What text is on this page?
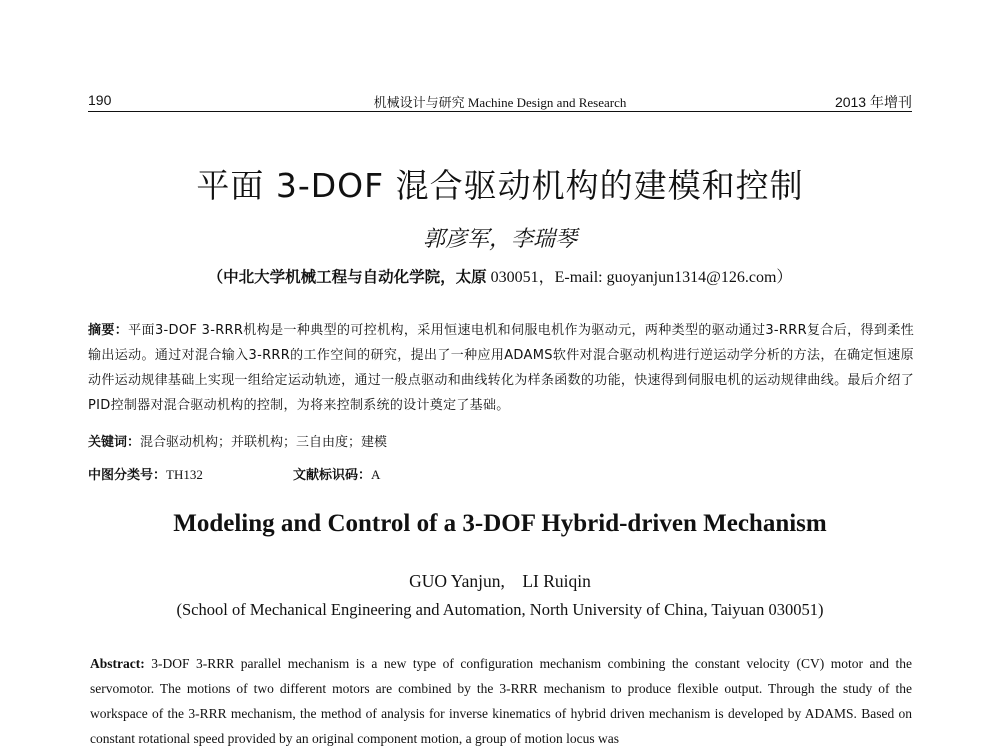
190	机械设计与研究 Machine Design and Research	2013 年增刊
平面 3-DOF 混合驱动机构的建模和控制
郭彦军，李瑞琴
（中北大学机械工程与自动化学院，太原 030051，E-mail: guoyanjun1314@126.com）
摘要：平面3-DOF 3-RRR机构是一种典型的可控机构，采用恒速电机和伺服电机作为驱动元，两种类型的驱动通过3-RRR复合后，得到柔性输出运动。通过对混合输入3-RRR的工作空间的研究，提出了一种应用ADAMS软件对混合驱动机构进行逆运动学分析的方法，在确定恒速原动件运动规律基础上实现一组给定运动轨迹，通过一般点驱动和曲线转化为样条函数的功能，快速得到伺服电机的运动规律曲线。最后介绍了PID控制器对混合驱动机构的控制，为将来控制系统的设计奠定了基础。
关键词：混合驱动机构；并联机构；三自由度；建模
中图分类号：TH132	文献标识码：A
Modeling and Control of a 3-DOF Hybrid-driven Mechanism
GUO Yanjun,    LI Ruiqin
(School of Mechanical Engineering and Automation, North University of China, Taiyuan 030051)
Abstract: 3-DOF 3-RRR parallel mechanism is a new type of configuration mechanism combining the constant velocity (CV) motor and the servomotor. The motions of two different motors are combined by the 3-RRR mechanism to produce flexible output. Through the study of the workspace of the 3-RRR mechanism, the method of analysis for inverse kinematics of hybrid driven mechanism is developed by ADAMS. Based on constant rotational speed provided by an original component motion, a group of motion locus was
